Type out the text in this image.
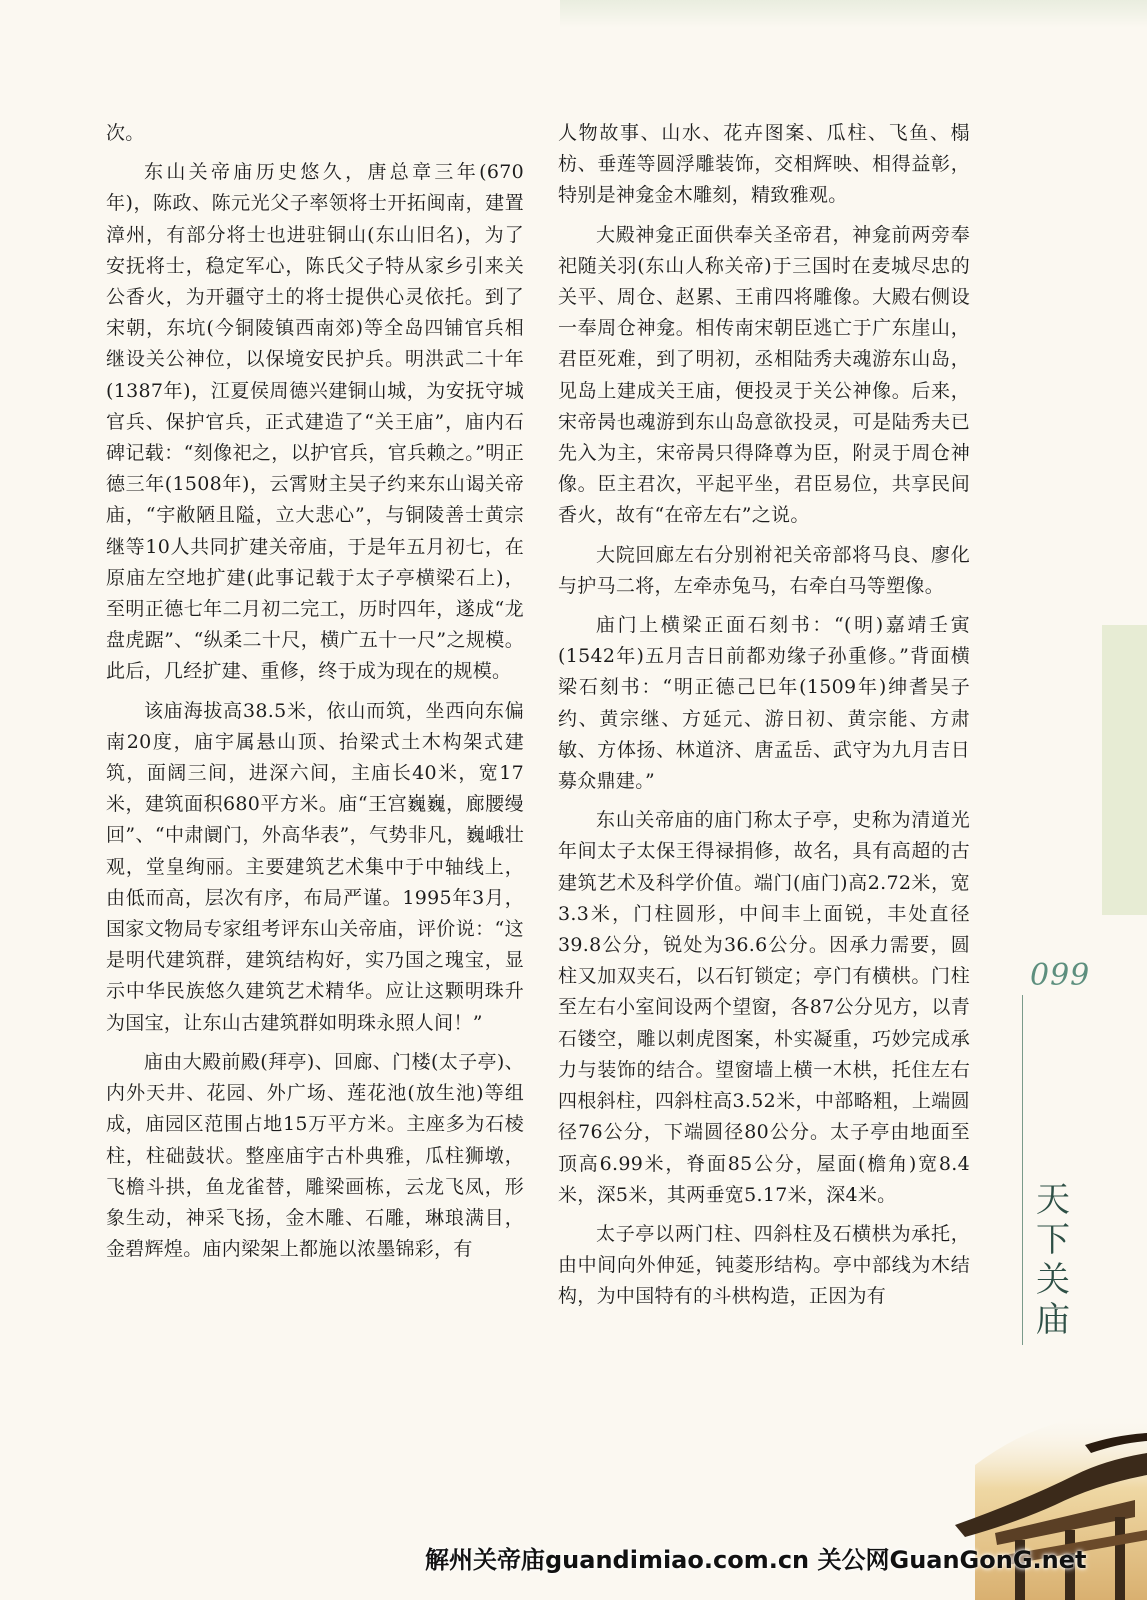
次。

东山关帝庙历史悠久，唐总章三年(670年)，陈政、陈元光父子率领将士开拓闽南，建置漳州，有部分将士也进驻铜山(东山旧名)，为了安抚将士，稳定军心，陈氏父子特从家乡引来关公香火，为开疆守土的将士提供心灵依托。到了宋朝，东坑(今铜陵镇西南郊)等全岛四铺官兵相继设关公神位，以保境安民护兵。明洪武二十年(1387年)，江夏侯周德兴建铜山城，为安抚守城官兵、保护官兵，正式建造了“关王庙”，庙内石碑记载：“刻像祀之，以护官兵，官兵赖之。”明正德三年(1508年)，云霄财主吴子约来东山谒关帝庙，“宇敝陋且隘，立大悲心”，与铜陵善士黄宗继等10人共同扩建关帝庙，于是年五月初七，在原庙左空地扩建(此事记载于太子亭横梁石上)，至明正德七年二月初二完工，历时四年，遂成“龙盘虎踞”、“纵柔二十尺，横广五十一尺”之规模。此后，几经扩建、重修，终于成为现在的规模。

该庙海拔高38.5米，依山而筑，坐西向东偏南20度，庙宇属悬山顶、抬梁式土木构架式建筑，面阔三间，进深六间，主庙长40米，宽17米，建筑面积680平方米。庙“王宫巍巍，廊腰缦回”、“中肃阛门，外高华表”，气势非凡，巍峨壮观，堂皇绚丽。主要建筑艺术集中于中轴线上，由低而高，层次有序，布局严谨。1995年3月，国家文物局专家组考评东山关帝庙，评价说：“这是明代建筑群，建筑结构好，实乃国之瑰宝，显示中华民族悠久建筑艺术精华。应让这颗明珠升为国宝，让东山古建筑群如明珠永照人间！”

庙由大殿前殿(拜亭)、回廊、门楼(太子亭)、内外天井、花园、外广场、莲花池(放生池)等组成，庙园区范围占地15万平方米。主座多为石棱柱，柱础鼓状。整座庙宇古朴典雅，瓜柱狮墩，飞檐斗拱，鱼龙雀替，雕梁画栋，云龙飞凤，形象生动，神采飞扬，金木雕、石雕，琳琅满目，金碧辉煌。庙内梁架上都施以浓墨锦彩，有

人物故事、山水、花卉图案、瓜柱、飞鱼、榻枋、垂莲等圆浮雕装饰，交相辉映、相得益彰，特别是神龛金木雕刻，精致雅观。

大殿神龛正面供奉关圣帝君，神龛前两旁奉祀随关羽(东山人称关帝)于三国时在麦城尽忠的关平、周仓、赵累、王甫四将雕像。大殿右侧设一奉周仓神龛。相传南宋朝臣逃亡于广东崖山，君臣死难，到了明初，丞相陆秀夫魂游东山岛，见岛上建成关王庙，便投灵于关公神像。后来，宋帝昺也魂游到东山岛意欲投灵，可是陆秀夫已先入为主，宋帝昺只得降尊为臣，附灵于周仓神像。臣主君次，平起平坐，君臣易位，共享民间香火，故有“在帝左右”之说。

大院回廊左右分别祔祀关帝部将马良、廖化与护马二将，左牵赤兔马，右牵白马等塑像。

庙门上横梁正面石刻书：“(明)嘉靖壬寅(1542年)五月吉日前都劝缘子孙重修。”背面横梁石刻书：“明正德己巳年(1509年)绅耆吴子约、黄宗继、方延元、游日初、黄宗能、方肃敏、方体扬、林道济、唐孟岳、武守为九月吉日募众鼎建。”

东山关帝庙的庙门称太子亭，史称为清道光年间太子太保王得禄捐修，故名，具有高超的古建筑艺术及科学价值。端门(庙门)高2.72米，宽3.3米，门柱圆形，中间丰上面锐，丰处直径39.8公分，锐处为36.6公分。因承力需要，圆柱又加双夹石，以石钉锁定；亭门有横栱。门柱至左右小室间设两个望窗，各87公分见方，以青石镂空，雕以刺虎图案，朴实凝重，巧妙完成承力与装饰的结合。望窗墙上横一木栱，托住左右四根斜柱，四斜柱高3.52米，中部略粗，上端圆径76公分，下端圆径80公分。太子亭由地面至顶高6.99米，脊面85公分，屋面(檐角)宽8.4米，深5米，其两垂宽5.17米，深4米。

太子亭以两门柱、四斜柱及石横栱为承托，由中间向外伸延，钝菱形结构。亭中部线为木结构，为中国特有的斗栱构造，正因为有

099
天
下
关
庙
解州关帝庙guandimiao.com.cn 关公网GuanGonG.net
